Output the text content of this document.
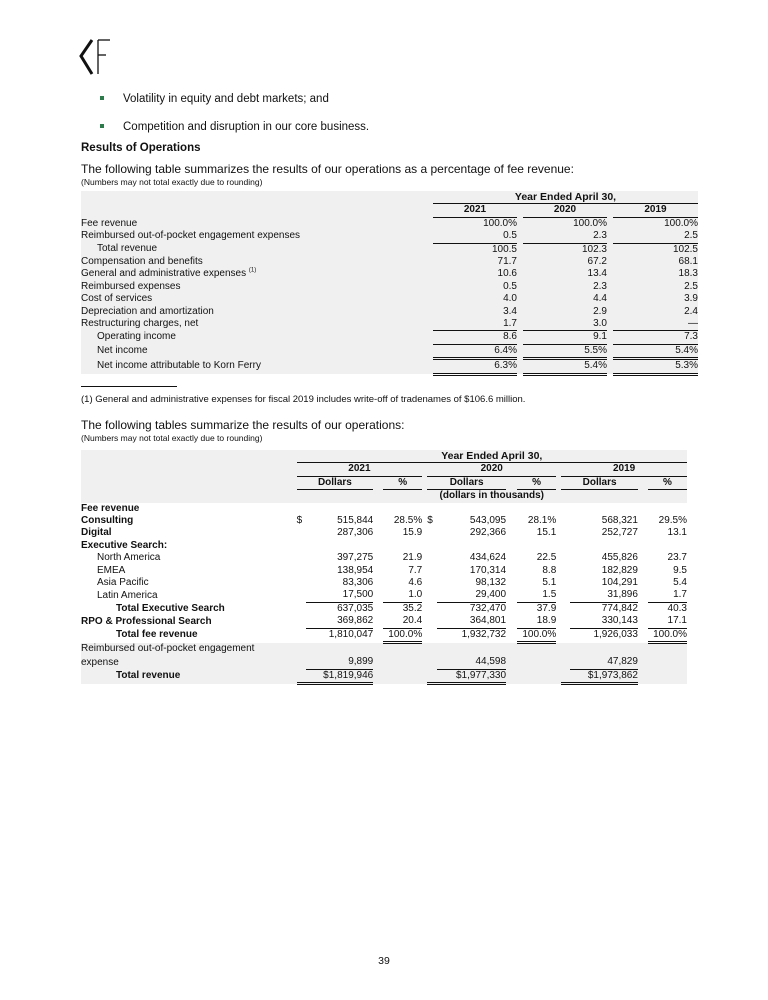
Volatility in equity and debt markets; and
Competition and disruption in our core business.
Results of Operations
The following table summarizes the results of our operations as a percentage of fee revenue:
(Numbers may not total exactly due to rounding)
	Year Ended April 30,				
	2021		2020		2019
Fee revenue	100.0%		100.0%		100.0%
Reimbursed out-of-pocket engagement expenses	0.5		2.3		2.5
Total revenue	100.5		102.3		102.5
Compensation and benefits	71.7		67.2		68.1
General and administrative expenses $^{(1)}$	10.6		13.4		18.3
Reimbursed expenses	0.5		2.3		2.5
Cost of services	4.0		4.4		3.9
Depreciation and amortization	3.4		2.9		2.4
Restructuring charges, net	1.7		3.0		—
Operating income	8.6		9.1		7.3
Net income	6.4%		5.5%		5.4%
Net income attributable to Korn Ferry	6.3%		5.4%		5.3%
(1) General and administrative expenses for fiscal 2019 includes write-off of tradenames of $106.6 million.
The following tables summarize the results of our operations:
(Numbers may not total exactly due to rounding)
	Year Ended April 30,													
	2021					2020					2019			
	Dollars			%		Dollars			%		Dollars			%
						(dollars in thousands)								
Fee revenue														
Consulting	$	515,844		28.5%		$	543,095		28.1%			568,321		29.5%
Digital		287,306		15.9			292,366		15.1			252,727		13.1
Executive Search:														
North America		397,275		21.9			434,624		22.5			455,826		23.7
EMEA		138,954		7.7			170,314		8.8			182,829		9.5
Asia Pacific		83,306		4.6			98,132		5.1			104,291		5.4
Latin America		17,500		1.0			29,400		1.5			31,896		1.7
Total Executive Search		637,035		35.2			732,470		37.9			774,842		40.3
RPO & Professional Search		369,862		20.4			364,801		18.9			330,143		17.1
Total fee revenue		1,810,047		100.0%			1,932,732		100.0%			1,926,033		100.0%
Reimbursed out-of-pocket engagement														
expense		9,899					44,598					47,829		
Total revenue	$1,819,946					$1,977,330					$1,973,862			
39
